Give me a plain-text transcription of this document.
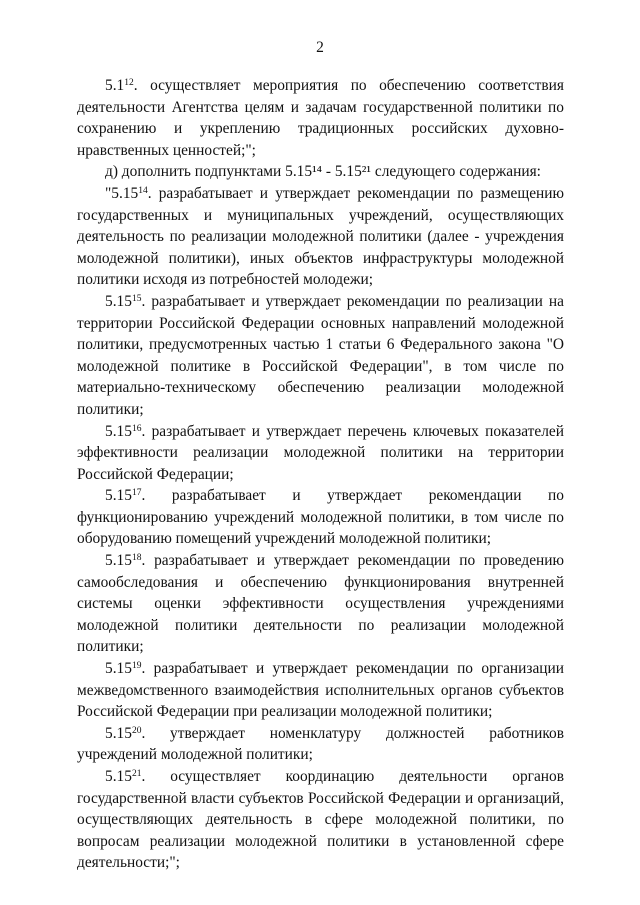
2

$5.1^{12}$. осуществляет мероприятия по обеспечению соответствия деятельности Агентства целям и задачам государственной политики по сохранению и укреплению традиционных российских духовно-нравственных ценностей;";

д) дополнить подпунктами 5.15¹⁴ - 5.15²¹ следующего содержания:

"5.15$^{14}$. разрабатывает и утверждает рекомендации по размещению государственных и муниципальных учреждений, осуществляющих деятельность по реализации молодежной политики (далее - учреждения молодежной политики), иных объектов инфраструктуры молодежной политики исходя из потребностей молодежи;

5.15$^{15}$. разрабатывает и утверждает рекомендации по реализации на территории Российской Федерации основных направлений молодежной политики, предусмотренных частью 1 статьи 6 Федерального закона "О молодежной политике в Российской Федерации", в том числе по материально-техническому обеспечению реализации молодежной политики;

5.15$^{16}$. разрабатывает и утверждает перечень ключевых показателей эффективности реализации молодежной политики на территории Российской Федерации;

5.15$^{17}$. разрабатывает и утверждает рекомендации по функционированию учреждений молодежной политики, в том числе по оборудованию помещений учреждений молодежной политики;

5.15$^{18}$. разрабатывает и утверждает рекомендации по проведению самообследования и обеспечению функционирования внутренней системы оценки эффективности осуществления учреждениями молодежной политики деятельности по реализации молодежной политики;

5.15$^{19}$. разрабатывает и утверждает рекомендации по организации межведомственного взаимодействия исполнительных органов субъектов Российской Федерации при реализации молодежной политики;

5.15$^{20}$. утверждает номенклатуру должностей работников учреждений молодежной политики;

5.15$^{21}$. осуществляет координацию деятельности органов государственной власти субъектов Российской Федерации и организаций, осуществляющих деятельность в сфере молодежной политики, по вопросам реализации молодежной политики в установленной сфере деятельности;";
